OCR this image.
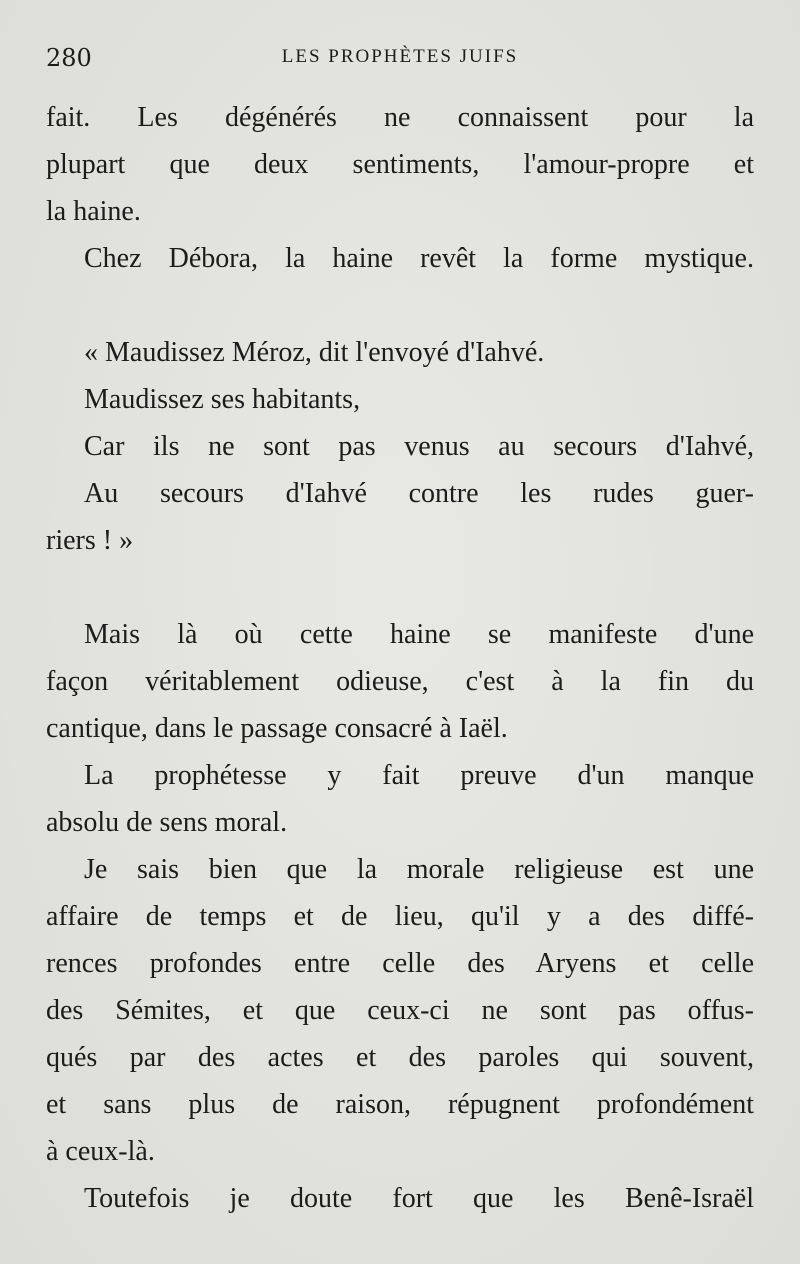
280	LES PROPHÈTES JUIFS
fait. Les dégénérés ne connaissent pour la
plupart que deux sentiments, l'amour-propre et
la haine.
Chez Débora, la haine revêt la forme mystique.
« Maudissez Méroz, dit l'envoyé d'Iahvé.
Maudissez ses habitants,
Car ils ne sont pas venus au secours d'Iahvé,
Au secours d'Iahvé contre les rudes guer-
riers ! »
Mais là où cette haine se manifeste d'une
façon véritablement odieuse, c'est à la fin du
cantique, dans le passage consacré à Iaël.
La prophétesse y fait preuve d'un manque
absolu de sens moral.
Je sais bien que la morale religieuse est une
affaire de temps et de lieu, qu'il y a des diffé-
rences profondes entre celle des Aryens et celle
des Sémites, et que ceux-ci ne sont pas offus-
qués par des actes et des paroles qui souvent,
et sans plus de raison, répugnent profondément
à ceux-là.
Toutefois je doute fort que les Benê-Israël
